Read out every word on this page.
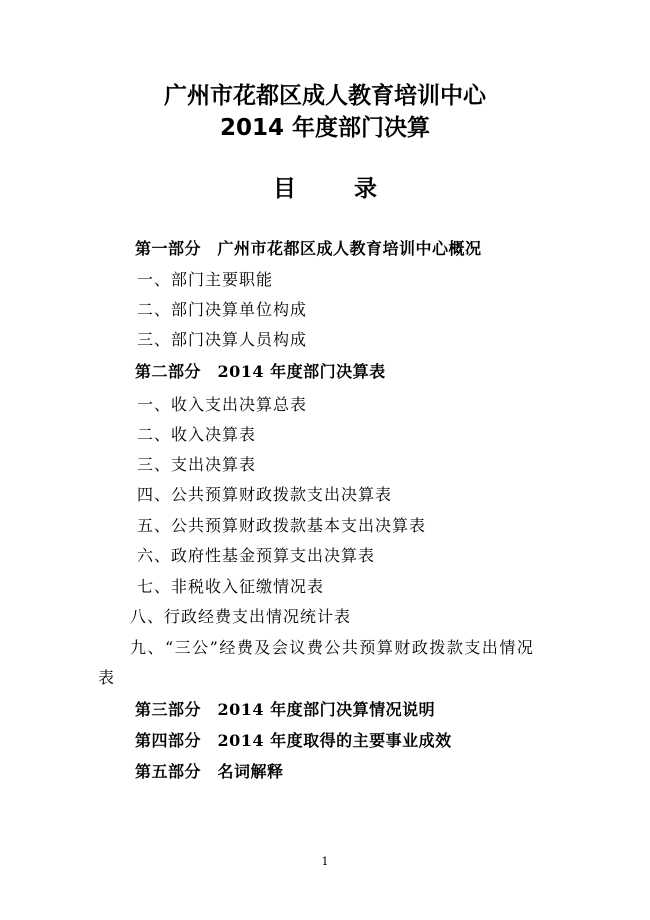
广州市花都区成人教育培训中心
2014 年度部门决算
目	录
第一部分　广州市花都区成人教育培训中心概况
一、部门主要职能
二、部门决算单位构成
三、部门决算人员构成
第二部分　2014 年度部门决算表
一、收入支出决算总表
二、收入决算表
三、支出决算表
四、公共预算财政拨款支出决算表
五、公共预算财政拨款基本支出决算表
六、政府性基金预算支出决算表
七、非税收入征缴情况表
八、行政经费支出情况统计表
九、“三公”经费及会议费公共预算财政拨款支出情况
表
第三部分　2014 年度部门决算情况说明
第四部分　2014 年度取得的主要事业成效
第五部分　名词解释
1
